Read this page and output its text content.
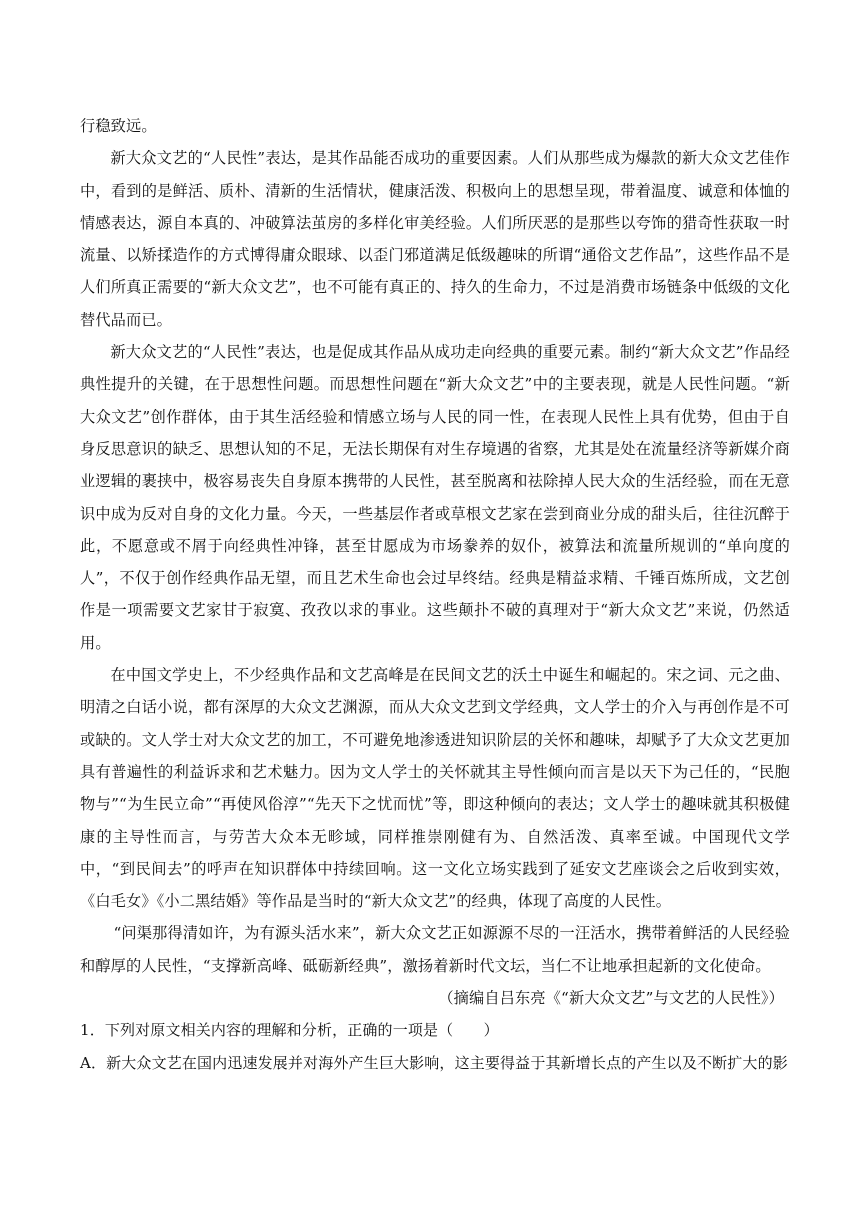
行稳致远。

新大众文艺的“人民性”表达，是其作品能否成功的重要因素。人们从那些成为爆款的新大众文艺佳作中，看到的是鲜活、质朴、清新的生活情状，健康活泼、积极向上的思想呈现，带着温度、诚意和体恤的情感表达，源自本真的、冲破算法茧房的多样化审美经验。人们所厌恶的是那些以夸饰的猎奇性获取一时流量、以矫揉造作的方式博得庸众眼球、以歪门邪道满足低级趣味的所谓“通俗文艺作品”，这些作品不是人们所真正需要的“新大众文艺”，也不可能有真正的、持久的生命力，不过是消费市场链条中低级的文化替代品而已。

新大众文艺的“人民性”表达，也是促成其作品从成功走向经典的重要元素。制约“新大众文艺”作品经典性提升的关键，在于思想性问题。而思想性问题在“新大众文艺”中的主要表现，就是人民性问题。“新大众文艺”创作群体，由于其生活经验和情感立场与人民的同一性，在表现人民性上具有优势，但由于自身反思意识的缺乏、思想认知的不足，无法长期保有对生存境遇的省察，尤其是处在流量经济等新媒介商业逻辑的裹挟中，极容易丧失自身原本携带的人民性，甚至脱离和祛除掉人民大众的生活经验，而在无意识中成为反对自身的文化力量。今天，一些基层作者或草根文艺家在尝到商业分成的甜头后，往往沉醉于此，不愿意或不屑于向经典性冲锋，甚至甘愿成为市场豢养的奴仆，被算法和流量所规训的“单向度的人”，不仅于创作经典作品无望，而且艺术生命也会过早终结。经典是精益求精、千锤百炼所成，文艺创作是一项需要文艺家甘于寂寞、孜孜以求的事业。这些颠扑不破的真理对于“新大众文艺”来说，仍然适用。

在中国文学史上，不少经典作品和文艺高峰是在民间文艺的沃土中诞生和崛起的。宋之词、元之曲、明清之白话小说，都有深厚的大众文艺渊源，而从大众文艺到文学经典，文人学士的介入与再创作是不可或缺的。文人学士对大众文艺的加工，不可避免地渗透进知识阶层的关怀和趣味，却赋予了大众文艺更加具有普遍性的利益诉求和艺术魅力。因为文人学士的关怀就其主导性倾向而言是以天下为己任的，“民胞物与”“为生民立命”“再使风俗淳”“先天下之忧而忧”等，即这种倾向的表达；文人学士的趣味就其积极健康的主导性而言，与劳苦大众本无畛域，同样推崇刚健有为、自然活泼、真率至诚。中国现代文学中，“到民间去”的呼声在知识群体中持续回响。这一文化立场实践到了延安文艺座谈会之后收到实效，《白毛女》《小二黑结婚》等作品是当时的“新大众文艺”的经典，体现了高度的人民性。

“问渠那得清如许，为有源头活水来”，新大众文艺正如源源不尽的一汪活水，携带着鲜活的人民经验和醇厚的人民性，“支撑新高峰、砥砺新经典”，激扬着新时代文坛，当仁不让地承担起新的文化使命。

（摘编自吕东亮《“新大众文艺”与文艺的人民性》）

1．下列对原文相关内容的理解和分析，正确的一项是（　　）

A．新大众文艺在国内迅速发展并对海外产生巨大影响，这主要得益于其新增长点的产生以及不断扩大的影
